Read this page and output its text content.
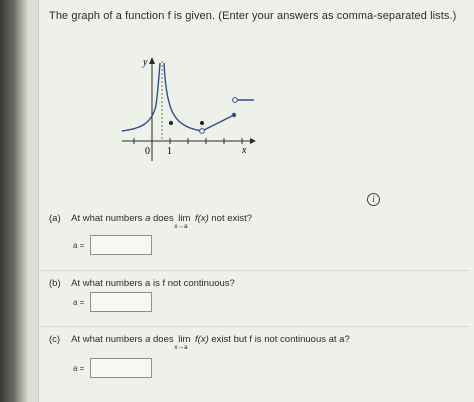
The graph of a function f is given. (Enter your answers as comma-separated lists.)
0 1
y
x
i
(a) At what numbers a does lim
x→a
f(x) not exist?
a =
(b) At what numbers a is f not continuous?
a =
(c) At what numbers a does lim
x→a
f(x) exist but f is not continuous at a?
a =
